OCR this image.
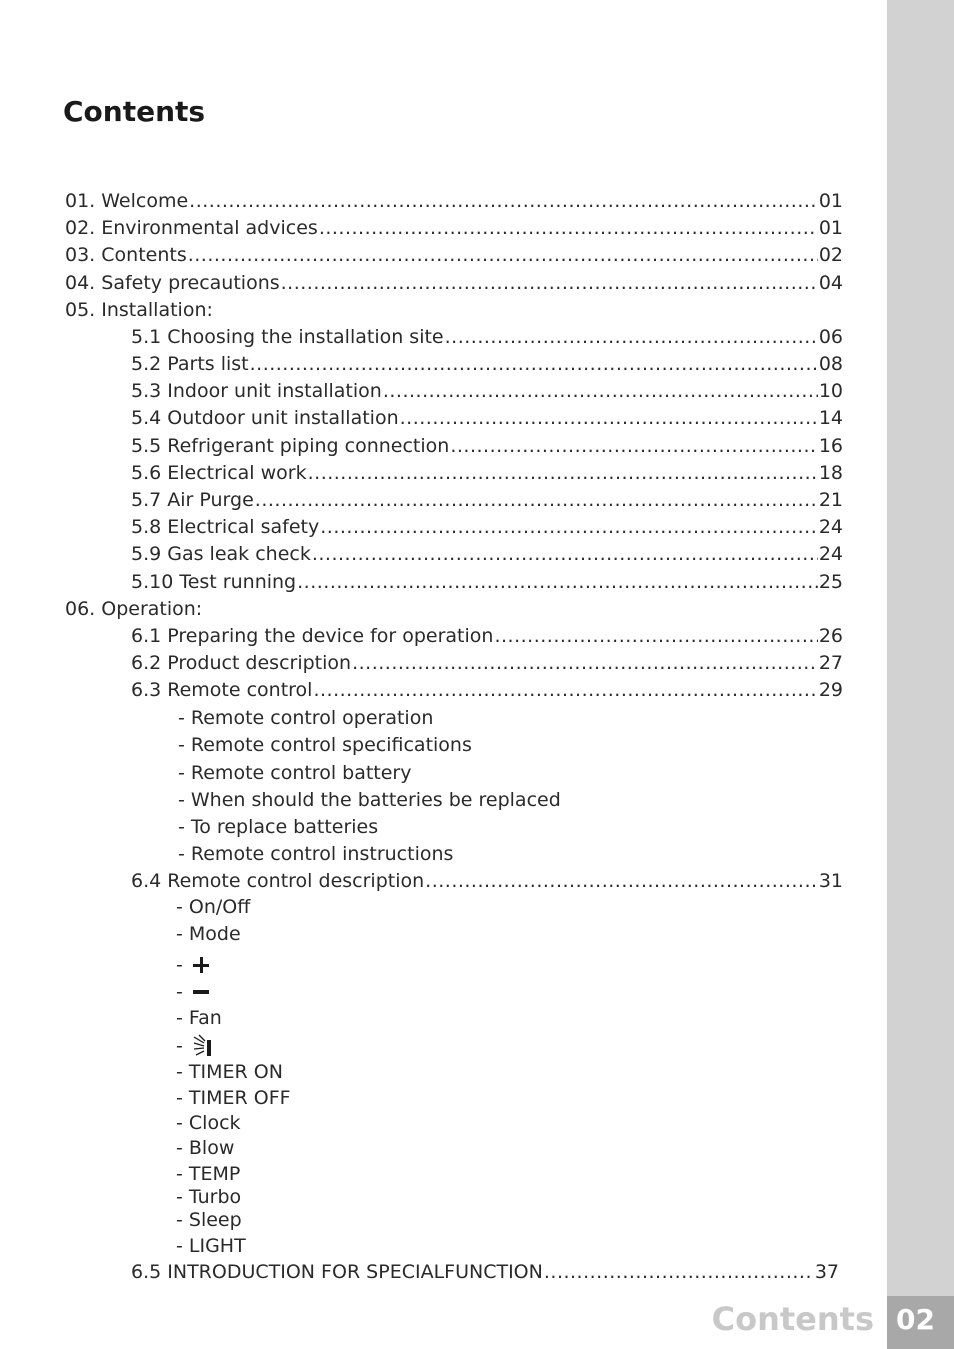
02
Contents
Contents
01. Welcome .....	01
02. Environmental advices .....	01
03. Contents .....	02
04. Safety precautions .....	04
05. Installation:
5.1 Choosing the installation site .....	06
5.2 Parts list .....	08
5.3 Indoor unit installation .....	10
5.4 Outdoor unit installation .....	14
5.5 Refrigerant piping connection .....	16
5.6 Electrical work .....	18
5.7 Air Purge .....	21
5.8 Electrical safety .....	24
5.9 Gas leak check .....	24
5.10 Test running .....	25
06. Operation:
6.1 Preparing the device for operation .....	26
6.2 Product description .....	27
6.3 Remote control .....	29
- Remote control operation
- Remote control specifications
- Remote control battery
- When should the batteries be replaced
- To replace batteries
- Remote control instructions
6.4 Remote control description .....	31
- On/Off
- Mode
-
-
- Fan
-
- TIMER ON
- TIMER OFF
- Clock
- Blow
- TEMP
- Turbo
- Sleep
- LIGHT
6.5 INTRODUCTION FOR SPECIALFUNCTION .....	37
